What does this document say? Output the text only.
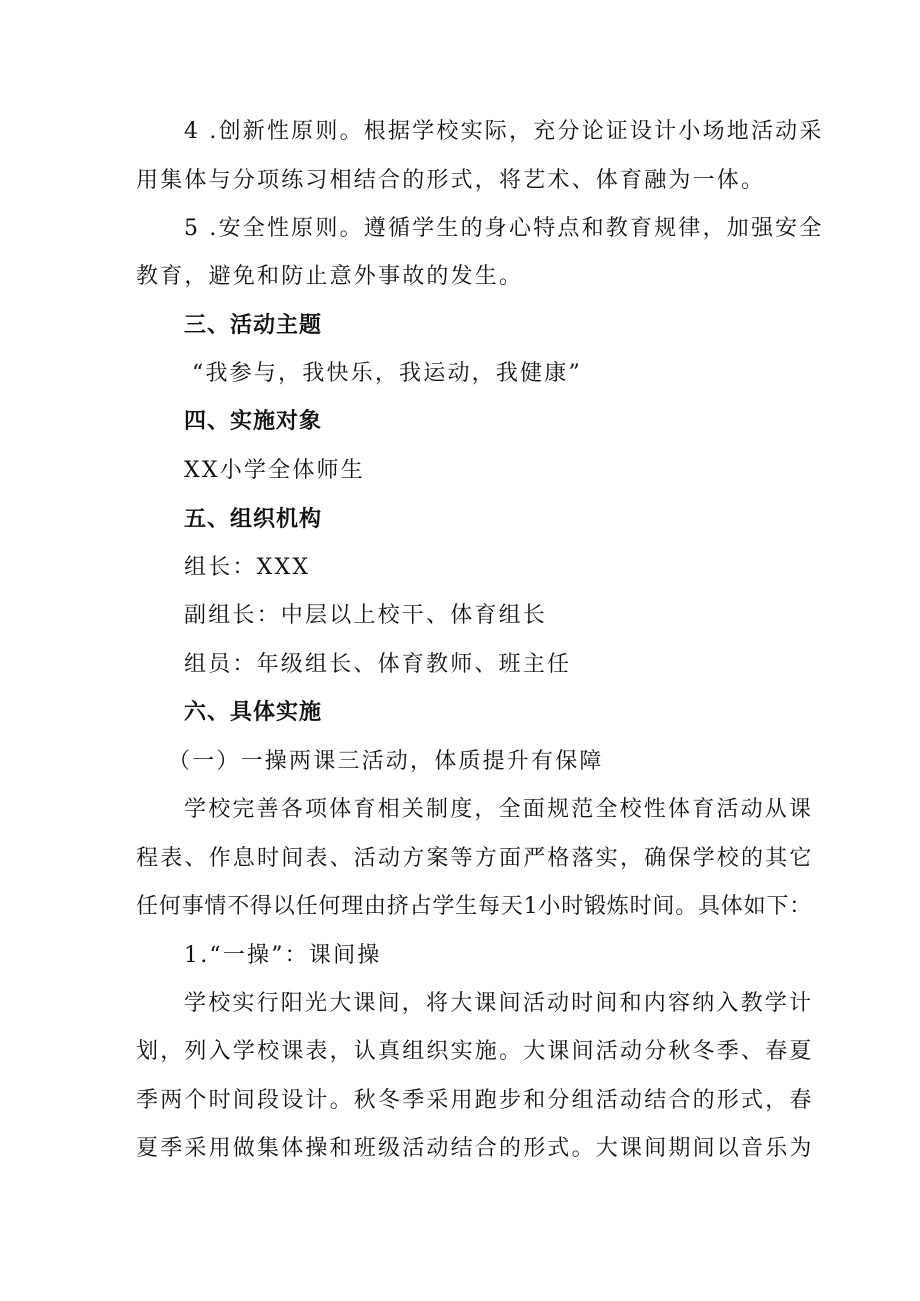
4 .创新性原则。根据学校实际，充分论证设计小场地活动采
用集体与分项练习相结合的形式，将艺术、体育融为一体。
5 .安全性原则。遵循学生的身心特点和教育规律，加强安全
教育，避免和防止意外事故的发生。
三、活动主题
“我参与，我快乐，我运动，我健康”
四、实施对象
XX小学全体师生
五、组织机构
组长：XXX
副组长：中层以上校干、体育组长
组员：年级组长、体育教师、班主任
六、具体实施
（一）一操两课三活动，体质提升有保障
学校完善各项体育相关制度，全面规范全校性体育活动从课
程表、作息时间表、活动方案等方面严格落实，确保学校的其它
任何事情不得以任何理由挤占学生每天1小时锻炼时间。具体如下：
1.“一操”：课间操
学校实行阳光大课间，将大课间活动时间和内容纳入教学计
划，列入学校课表，认真组织实施。大课间活动分秋冬季、春夏
季两个时间段设计。秋冬季采用跑步和分组活动结合的形式，春
夏季采用做集体操和班级活动结合的形式。大课间期间以音乐为
